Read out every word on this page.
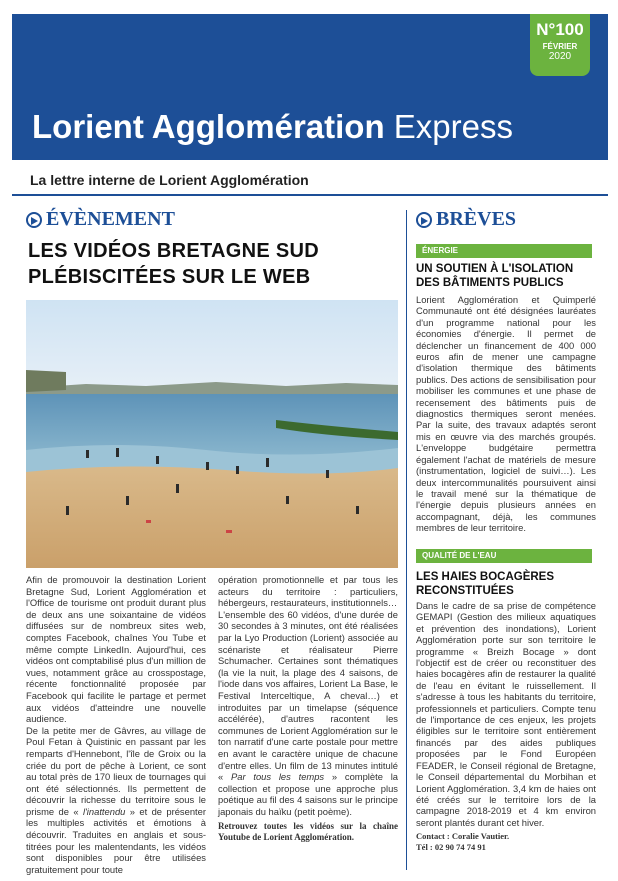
N°100
FÉVRIER
2020
Lorient Agglomération Express
La lettre interne de Lorient Agglomération
ÉVÈNEMENT
LES VIDÉOS BRETAGNE SUD
PLÉBISCITÉES SUR LE WEB

Afin de promouvoir la destination Lorient Bretagne Sud, Lorient Agglomération et l'Office de tourisme ont produit durant plus de deux ans une soixantaine de vidéos diffusées sur de nombreux sites web, comptes Facebook, chaînes You Tube et même compte LinkedIn. Aujourd'hui, ces vidéos ont comptabilisé plus d'un million de vues, notamment grâce au crosspostage, récente fonctionnalité proposée par Facebook qui facilite le partage et permet aux vidéos d'atteindre une nouvelle audience.

De la petite mer de Gâvres, au village de Poul Fetan à Quistinic en passant par les remparts d'Hennebont, l'île de Groix ou la criée du port de pêche à Lorient, ce sont au total près de 170 lieux de tournages qui ont été sélectionnés. Ils permettent de découvrir la richesse du territoire sous le prisme de « l'inattendu » et de présenter les multiples activités et émotions à découvrir. Traduites en anglais et sous-titrées pour les malentendants, les vidéos sont disponibles pour être utilisées gratuitement pour toute

opération promotionnelle et par tous les acteurs du territoire : particuliers, hébergeurs, restaurateurs, institutionnels…

L'ensemble des 60 vidéos, d'une durée de 30 secondes à 3 minutes, ont été réalisées par la Lyo Production (Lorient) associée au scénariste et réalisateur Pierre Schumacher. Certaines sont thématiques (la vie la nuit, la plage des 4 saisons, de l'iode dans vos affaires, Lorient La Base, le Festival Interceltique, A cheval…) et introduites par un timelapse (séquence accélérée), d'autres racontent les communes de Lorient Agglomération sur le ton narratif d'une carte postale pour mettre en avant le caractère unique de chacune d'entre elles. Un film de 13 minutes intitulé « Par tous les temps » complète la collection et propose une approche plus poétique au fil des 4 saisons sur le principe japonais du haïku (petit poème).

Retrouvez toutes les vidéos sur la chaîne Youtube de Lorient Agglomération.

BRÈVES
ÉNERGIE
UN SOUTIEN À L'ISOLATION DES BÂTIMENTS PUBLICS
Lorient Agglomération et Quimperlé Communauté ont été désignées lauréates d'un programme national pour les économies d'énergie. Il permet de déclencher un financement de 400 000 euros afin de mener une campagne d'isolation thermique des bâtiments publics. Des actions de sensibilisation pour mobiliser les communes et une phase de recensement des bâtiments puis de diagnostics thermiques seront menées. Par la suite, des travaux adaptés seront mis en œuvre via des marchés groupés. L'enveloppe budgétaire permettra également l'achat de matériels de mesure (instrumentation, logiciel de suivi…). Les deux intercommunalités poursuivent ainsi le travail mené sur la thématique de l'énergie depuis plusieurs années en accompagnant, déjà, les communes membres de leur territoire.
QUALITÉ DE L'EAU
LES HAIES BOCAGÈRES RECONSTITUÉES

Dans le cadre de sa prise de compétence GEMAPI (Gestion des milieux aquatiques et prévention des inondations), Lorient Agglomération porte sur son territoire le programme « Breizh Bocage » dont l'objectif est de créer ou reconstituer des haies bocagères afin de restaurer la qualité de l'eau en évitant le ruissellement. Il s'adresse à tous les habitants du territoire, professionnels et particuliers. Compte tenu de l'importance de ces enjeux, les projets éligibles sur le territoire sont entièrement financés par des aides publiques proposées par le Fond Européen FEADER, le Conseil régional de Bretagne, le Conseil départemental du Morbihan et Lorient Agglomération. 3,4 km de haies ont été créés sur le territoire lors de la campagne 2018-2019 et 4 km environ seront plantés durant cet hiver.

Contact : Coralie Vautier.
Tél : 02 90 74 74 91
